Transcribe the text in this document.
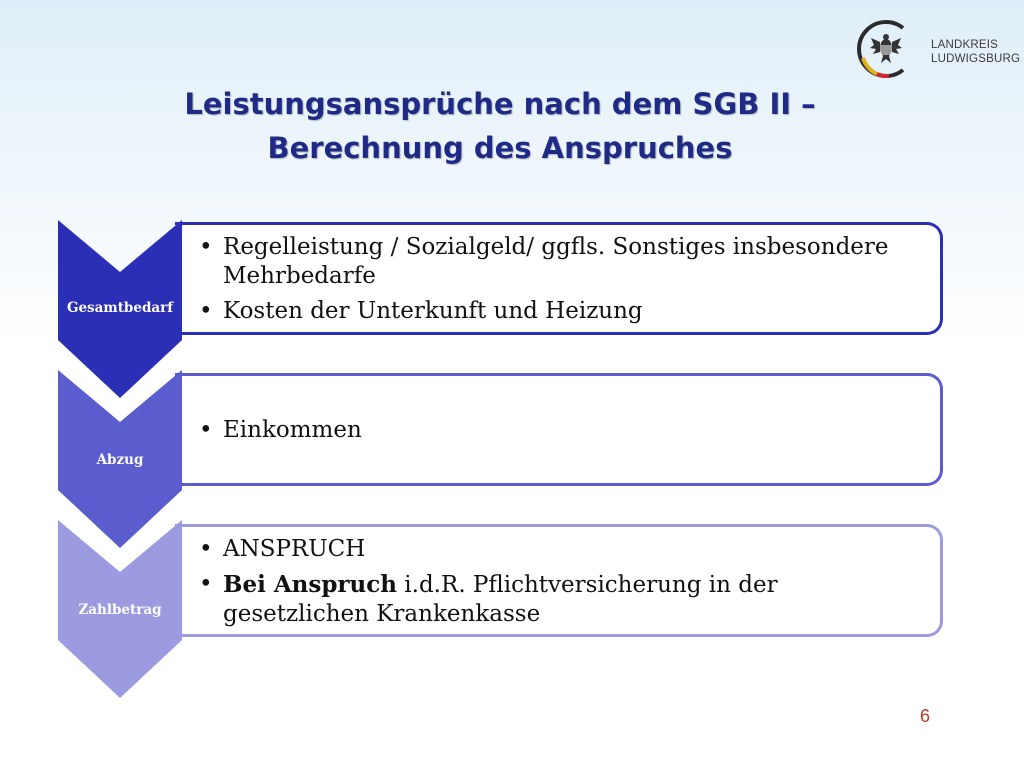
LANDKREIS
LUDWIGSBURG
Leistungsansprüche nach dem SGB II –
Berechnung des Anspruches
• Regelleistung / Sozialgeld/ ggfls. Sonstiges insbesondere Mehrbedarfe
• Kosten der Unterkunft und Heizung
Gesamtbedarf
• Einkommen
Abzug
• ANSPRUCH
• Bei Anspruch i.d.R. Pflichtversicherung in der gesetzlichen Krankenkasse
Zahlbetrag
6
